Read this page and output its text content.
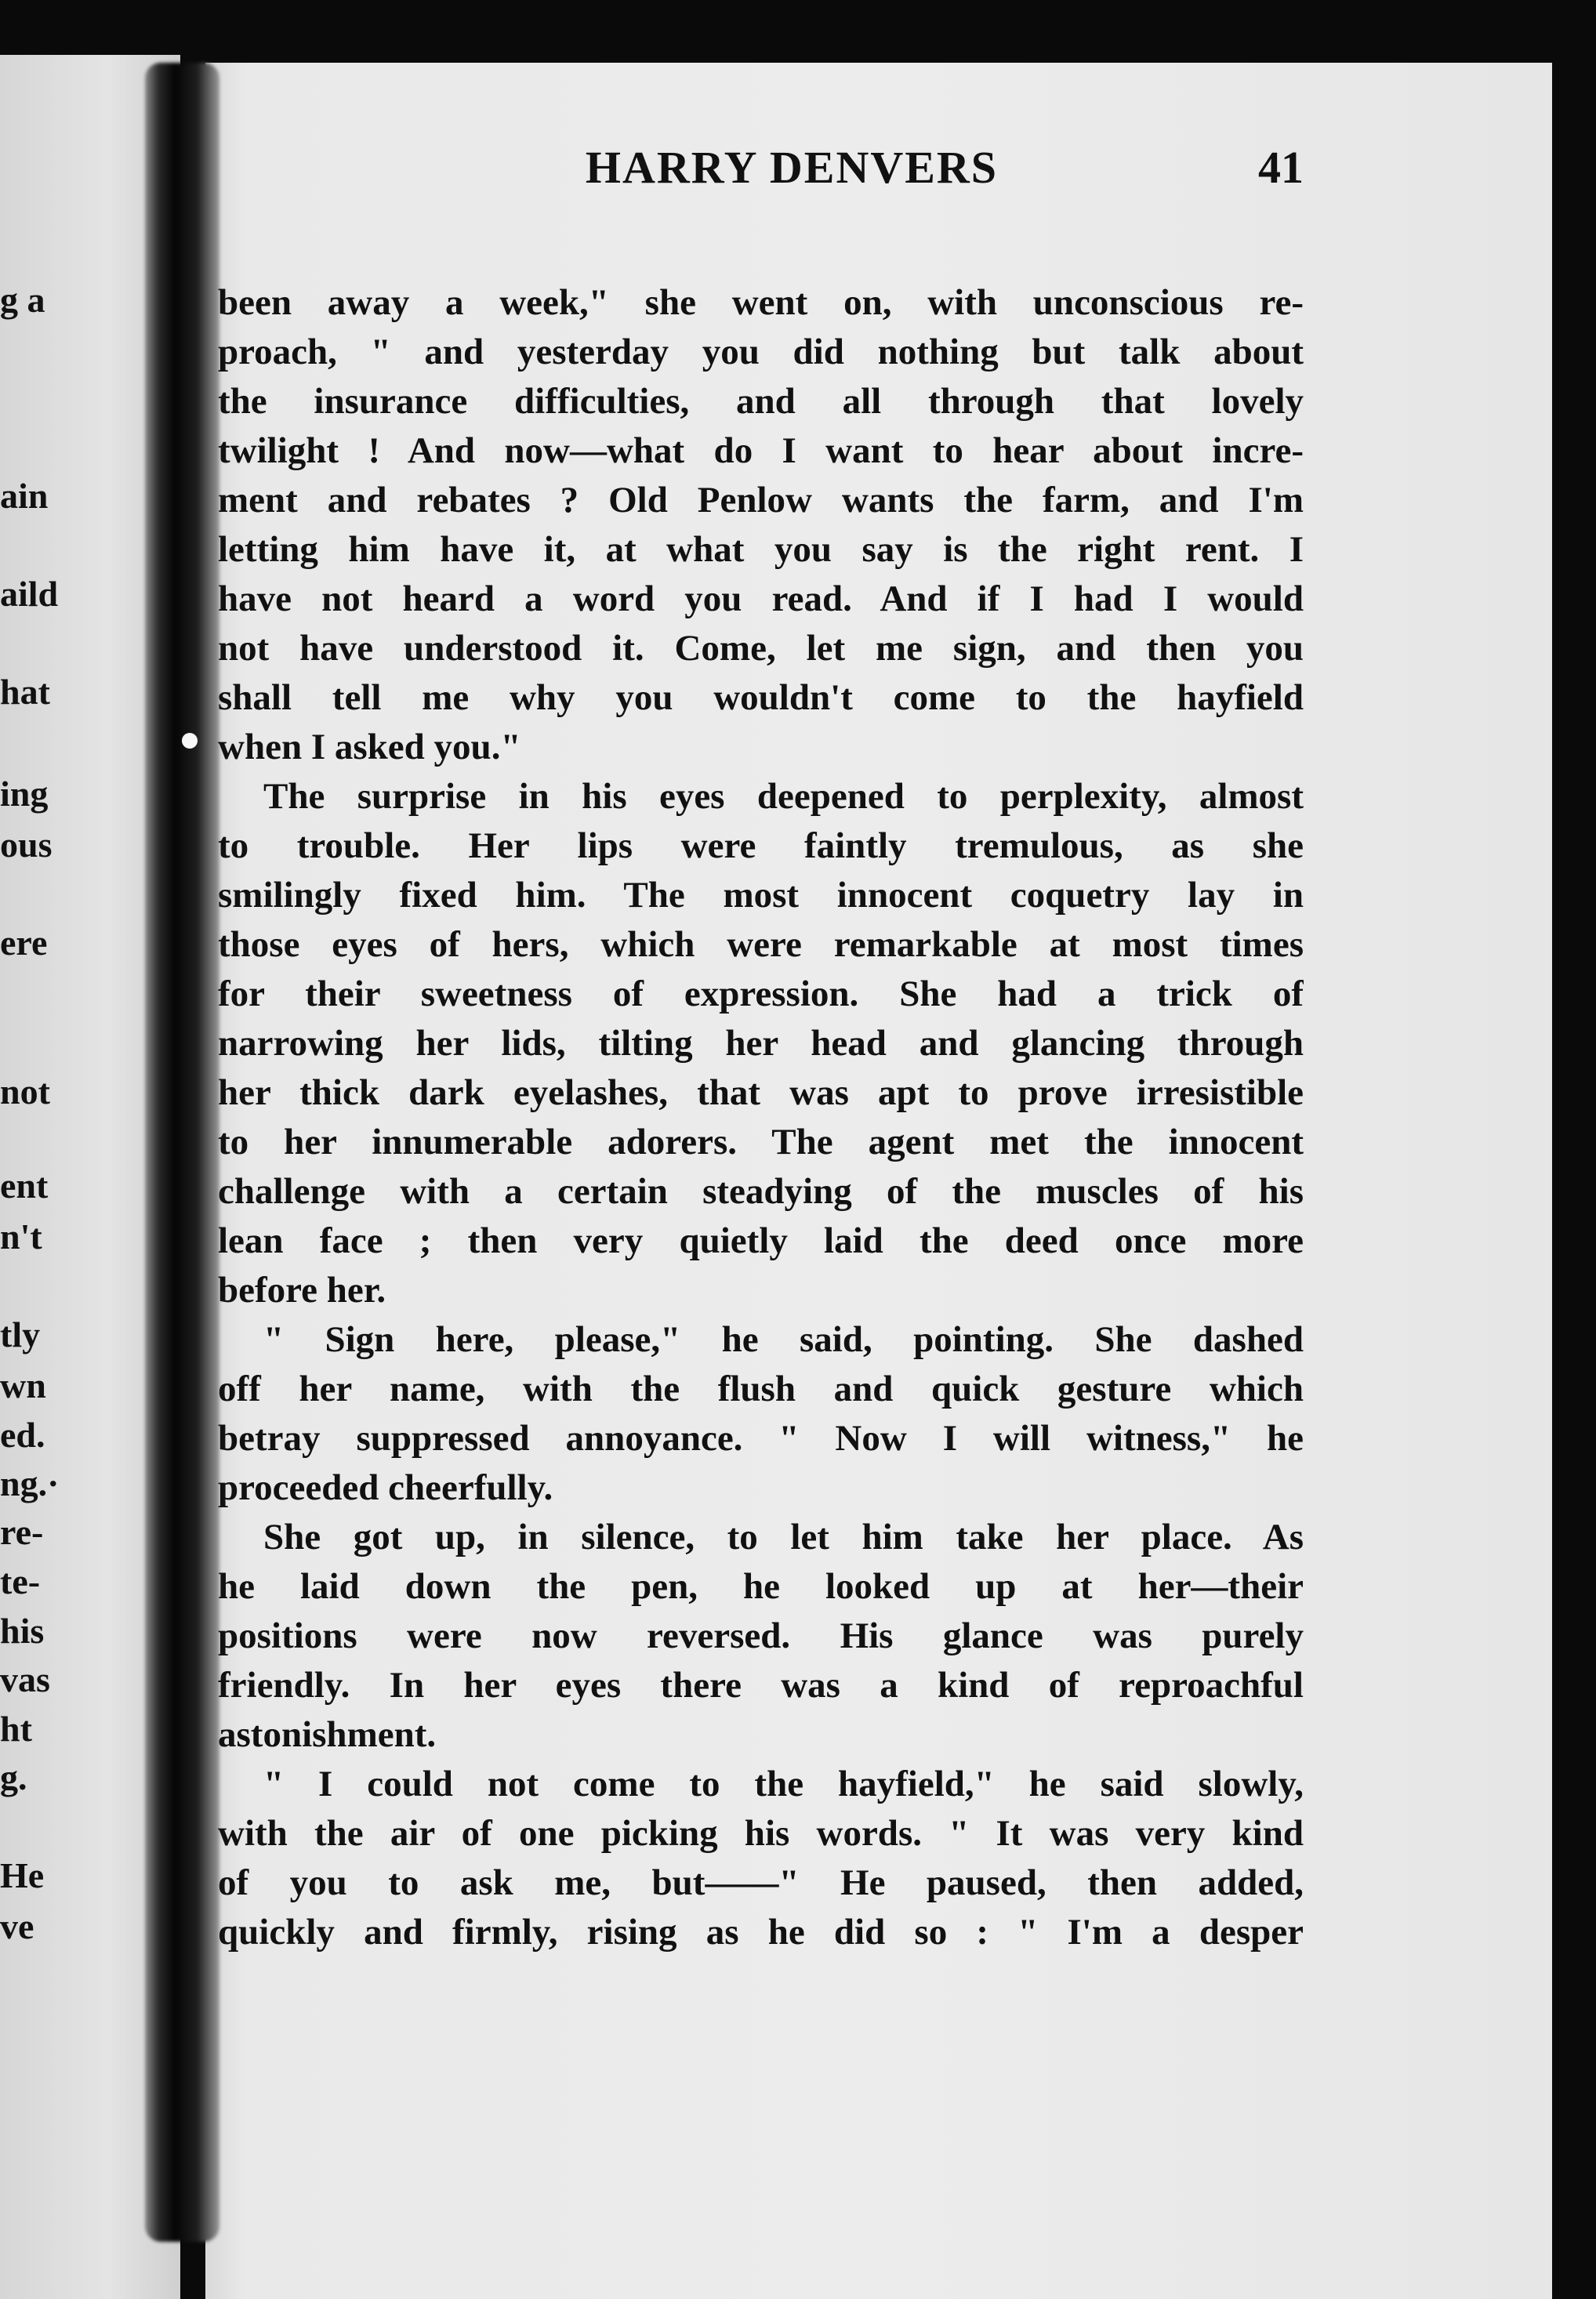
g a
ain
aild
hat
ing
ous
ere
not
ent
n't
tly
wn
ed.
ng.·
re-
te-
his
vas
ht
g.
He
ve
HARRY DENVERS	41
been away a week," she went on, with unconscious re-
proach, " and yesterday you did nothing but talk about
the insurance difficulties, and all through that lovely
twilight ! And now—what do I want to hear about incre-
ment and rebates ? Old Penlow wants the farm, and I'm
letting him have it, at what you say is the right rent. I
have not heard a word you read. And if I had I would
not have understood it. Come, let me sign, and then you
shall tell me why you wouldn't come to the hayfield
when I asked you."
The surprise in his eyes deepened to perplexity, almost
to trouble. Her lips were faintly tremulous, as she
smilingly fixed him. The most innocent coquetry lay in
those eyes of hers, which were remarkable at most times
for their sweetness of expression. She had a trick of
narrowing her lids, tilting her head and glancing through
her thick dark eyelashes, that was apt to prove irresistible
to her innumerable adorers. The agent met the innocent
challenge with a certain steadying of the muscles of his
lean face ; then very quietly laid the deed once more
before her.
" Sign here, please," he said, pointing. She dashed
off her name, with the flush and quick gesture which
betray suppressed annoyance. " Now I will witness," he
proceeded cheerfully.
She got up, in silence, to let him take her place. As
he laid down the pen, he looked up at her—their
positions were now reversed. His glance was purely
friendly. In her eyes there was a kind of reproachful
astonishment.
" I could not come to the hayfield," he said slowly,
with the air of one picking his words. " It was very kind
of you to ask me, but——" He paused, then added,
quickly and firmly, rising as he did so : " I'm a desper
